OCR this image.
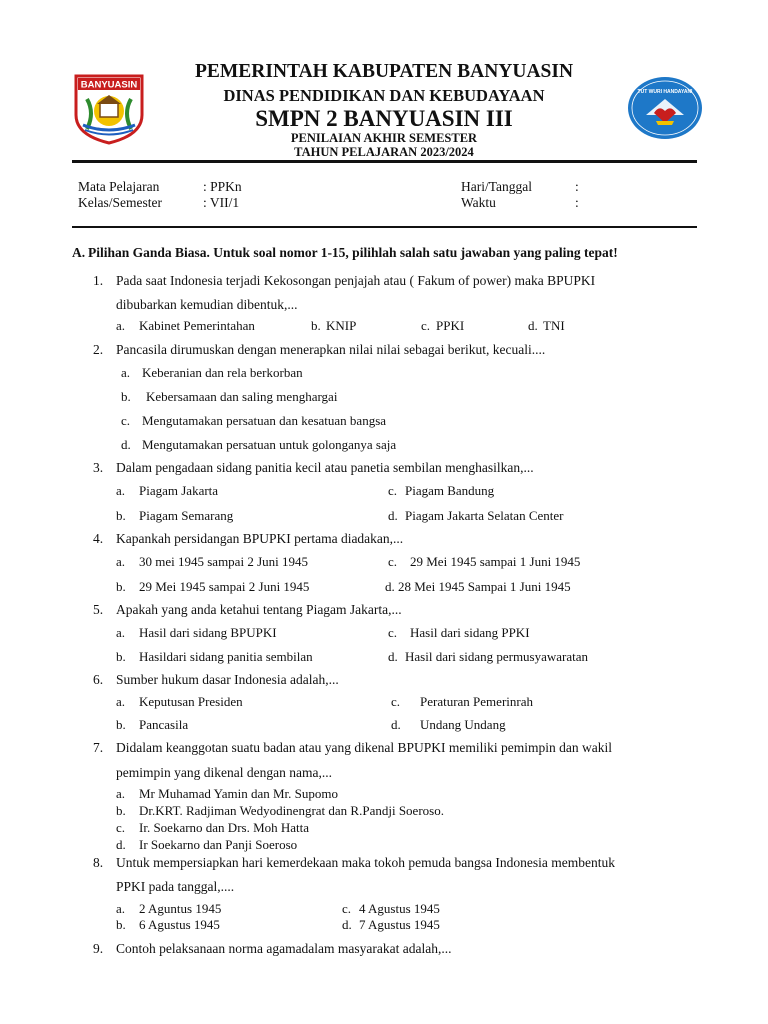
BANYUASIN
TUT WURI HANDAYANI
PEMERINTAH KABUPATEN BANYUASIN
DINAS PENDIDIKAN DAN KEBUDAYAAN
SMPN 2 BANYUASIN III
PENILAIAN AKHIR SEMESTER
TAHUN PELAJARAN 2023/2024
Mata Pelajaran	: PPKn
Kelas/Semester	: VII/1
Hari/Tanggal	:
Waktu	:
A. Pilihan Ganda Biasa. Untuk soal nomor 1-15, pilihlah salah satu jawaban yang paling tepat!
1. Pada saat Indonesia terjadi Kekosongan penjajah atau ( Fakum of power) maka BPUPKI
dibubarkan kemudian dibentuk,...
a. Kabinet Pemerintahan	b. KNIP	c. PPKI	d. TNI
2. Pancasila dirumuskan dengan menerapkan nilai nilai sebagai berikut, kecuali....
a. Keberanian dan rela berkorban
b. Kebersamaan dan saling menghargai
c. Mengutamakan persatuan dan kesatuan bangsa
d. Mengutamakan persatuan untuk golonganya saja
3. Dalam pengadaan sidang panitia kecil atau panetia sembilan menghasilkan,...
a. Piagam Jakarta	c. Piagam Bandung
b. Piagam Semarang	d. Piagam Jakarta Selatan Center
4. Kapankah persidangan BPUPKI pertama diadakan,...
a. 30 mei 1945 sampai 2 Juni 1945	c. 29 Mei 1945 sampai 1 Juni 1945
b. 29 Mei 1945 sampai 2 Juni 1945	d. 28 Mei 1945 Sampai 1 Juni 1945
5. Apakah yang anda ketahui tentang Piagam Jakarta,...
a. Hasil dari sidang BPUPKI	c. Hasil dari sidang PPKI
b. Hasildari sidang panitia sembilan	d. Hasil dari sidang permusyawaratan
6. Sumber hukum dasar Indonesia adalah,...
a. Keputusan Presiden	c. Peraturan Pemerinrah
b. Pancasila	d. Undang Undang
7. Didalam keanggotan suatu badan atau yang dikenal BPUPKI memiliki pemimpin dan wakil
pemimpin yang dikenal dengan nama,...
a. Mr Muhamad Yamin dan Mr. Supomo
b. Dr.KRT. Radjiman Wedyodinengrat dan R.Pandji Soeroso.
c. Ir. Soekarno dan Drs. Moh Hatta
d. Ir Soekarno dan Panji Soeroso
8. Untuk mempersiapkan hari kemerdekaan maka tokoh pemuda bangsa Indonesia membentuk
PPKI pada tanggal,....
a. 2 Aguntus 1945	c. 4 Agustus 1945
b. 6 Agustus 1945	d. 7 Agustus 1945
9. Contoh pelaksanaan norma agamadalam masyarakat adalah,...
